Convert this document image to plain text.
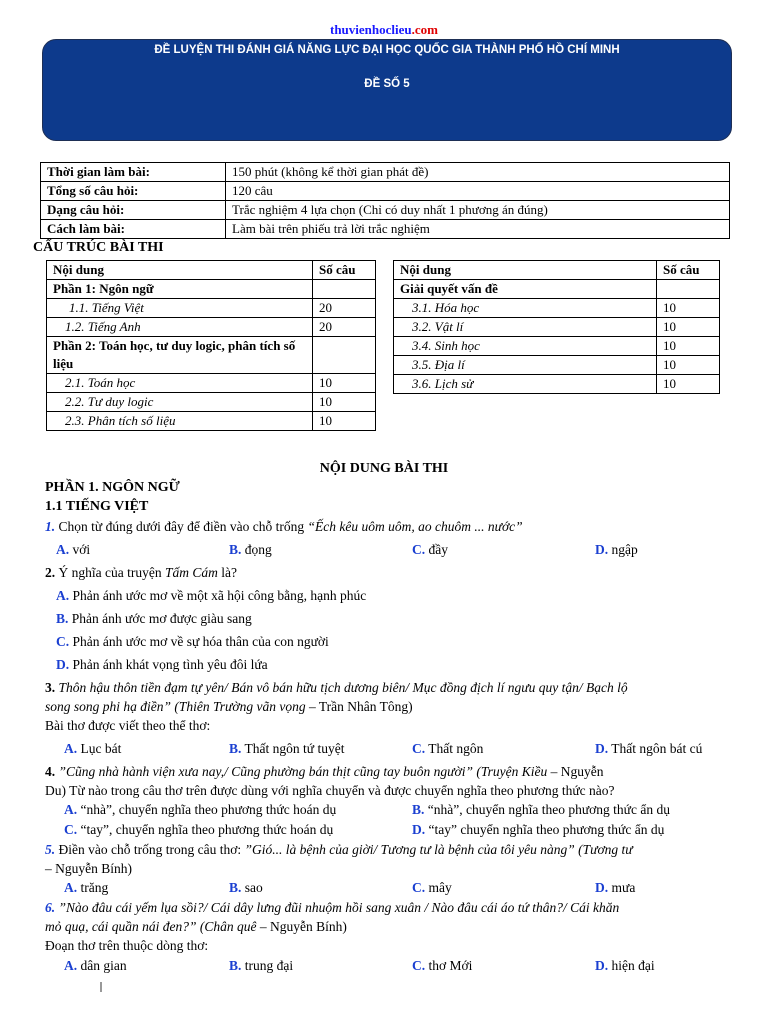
thuvienhoclieu.com
ĐỀ LUYỆN THI ĐÁNH GIÁ NĂNG LỰC ĐẠI HỌC QUỐC GIA THÀNH PHỐ HỒ CHÍ MINH
ĐỀ SỐ 5
Thời gian làm bài:	150 phút (không kể thời gian phát đề)
Tổng số câu hỏi:	120 câu
Dạng câu hỏi:	Trắc nghiệm 4 lựa chọn (Chỉ có duy nhất 1 phương án đúng)
Cách làm bài:	Làm bài trên phiếu trả lời trắc nghiệm
CẤU TRÚC BÀI THI
Nội dung	Số câu
Phần 1: Ngôn ngữ	
1.1. Tiếng Việt	20
1.2. Tiếng Anh	20
Phần 2: Toán học, tư duy logic, phân tích số liệu	
2.1. Toán học	10
2.2. Tư duy logic	10
2.3. Phân tích số liệu	10
Nội dung	Số câu
Giải quyết vấn đề	
3.1. Hóa học	10
3.2. Vật lí	10
3.4. Sinh học	10
3.5. Địa lí	10
3.6. Lịch sử	10
NỘI DUNG BÀI THI
PHẦN 1. NGÔN NGỮ
1.1 TIẾNG VIỆT
1. Chọn từ đúng dưới đây để điền vào chỗ trống “Ếch kêu uôm uôm, ao chuôm ... nước”
A. với	B. đọng	C. đầy	D. ngập
2. Ý nghĩa của truyện Tấm Cám là?
A. Phản ánh ước mơ về một xã hội công bằng, hạnh phúc
B. Phản ánh ước mơ được giàu sang
C. Phản ánh ước mơ về sự hóa thân của con người
D. Phản ánh khát vọng tình yêu đôi lứa
3. Thôn hậu thôn tiền đạm tự yên/ Bán vô bán hữu tịch dương biên/ Mục đồng địch lí ngưu quy tận/ Bạch lộ
song song phi hạ điền” (Thiên Trường vãn vọng – Trần Nhân Tông)
Bài thơ được viết theo thể thơ:
A. Lục bát	B. Thất ngôn tứ tuyệt	C. Thất ngôn	D. Thất ngôn bát cú
4. ”Cũng nhà hành viện xưa nay,/ Cũng phường bán thịt cũng tay buôn người” (Truyện Kiều – Nguyễn
Du) Từ nào trong câu thơ trên được dùng với nghĩa chuyển và được chuyển nghĩa theo phương thức nào?
A. “nhà”, chuyển nghĩa theo phương thức hoán dụ	B. “nhà”, chuyển nghĩa theo phương thức ẩn dụ
C. “tay”, chuyển nghĩa theo phương thức hoán dụ	D. “tay” chuyển nghĩa theo phương thức ẩn dụ
5. Điền vào chỗ trống trong câu thơ: ”Gió... là bệnh của giời/ Tương tư là bệnh của tôi yêu nàng” (Tương tư
– Nguyễn Bính)
A. trăng	B. sao	C. mây	D. mưa
6. ”Nào đâu cái yếm lụa sồi?/ Cái dây lưng đũi nhuộm hồi sang xuân / Nào đâu cái áo tứ thân?/ Cái khăn
mỏ quạ, cái quần nái đen?” (Chân quê – Nguyễn Bính)
Đoạn thơ trên thuộc dòng thơ:
A. dân gian	B. trung đại	C. thơ Mới	D. hiện đại
